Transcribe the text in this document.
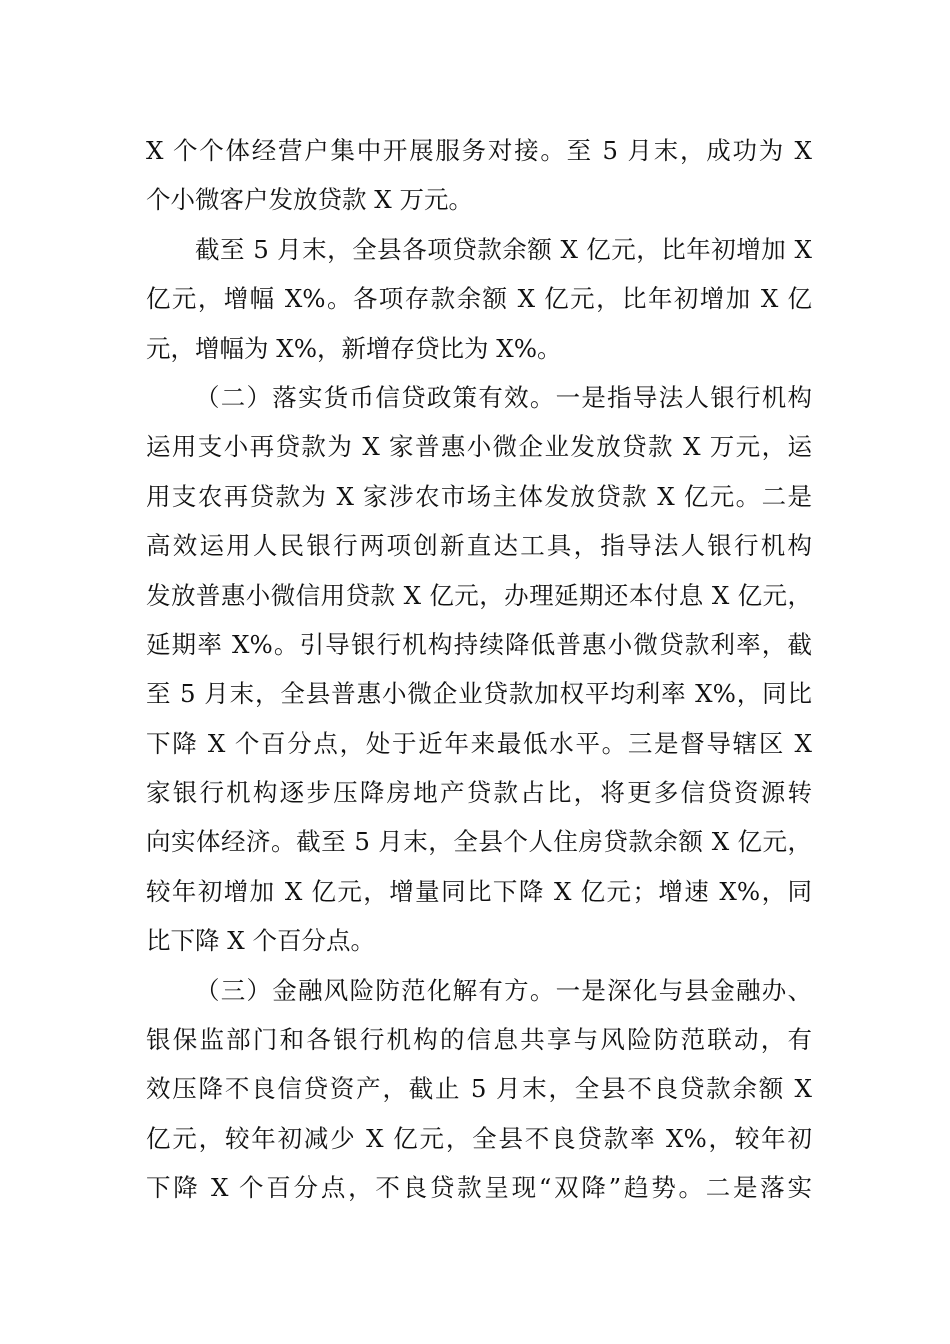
X 个个体经营户集中开展服务对接。至 5 月末，成功为 X
个小微客户发放贷款 X 万元。
截至 5 月末，全县各项贷款余额 X 亿元，比年初增加 X
亿元，增幅 X%。各项存款余额 X 亿元，比年初增加 X 亿
元，增幅为 X%，新增存贷比为 X%。
（二）落实货币信贷政策有效。一是指导法人银行机构
运用支小再贷款为 X 家普惠小微企业发放贷款 X 万元，运
用支农再贷款为 X 家涉农市场主体发放贷款 X 亿元。二是
高效运用人民银行两项创新直达工具，指导法人银行机构
发放普惠小微信用贷款 X 亿元，办理延期还本付息 X 亿元，
延期率 X%。引导银行机构持续降低普惠小微贷款利率，截
至 5 月末，全县普惠小微企业贷款加权平均利率 X%，同比
下降 X 个百分点，处于近年来最低水平。三是督导辖区 X
家银行机构逐步压降房地产贷款占比，将更多信贷资源转
向实体经济。截至 5 月末，全县个人住房贷款余额 X 亿元，
较年初增加 X 亿元，增量同比下降 X 亿元；增速 X%，同
比下降 X 个百分点。
（三）金融风险防范化解有方。一是深化与县金融办、
银保监部门和各银行机构的信息共享与风险防范联动，有
效压降不良信贷资产，截止 5 月末，全县不良贷款余额 X
亿元，较年初减少 X 亿元，全县不良贷款率 X%，较年初
下降 X 个百分点，不良贷款呈现“双降”趋势。二是落实
